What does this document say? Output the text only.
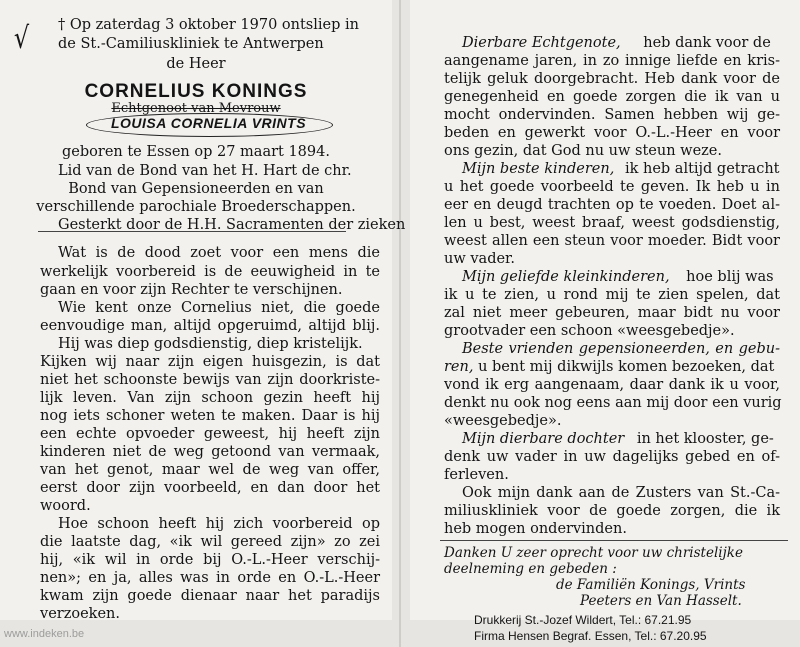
√ † Op zaterdag 3 oktober 1970 ontsliep in
de St.-Camiliuskliniek te Antwerpen
de Heer
CORNELIUS KONINGS
Echtgenoot van Mevrouw
LOUISA CORNELIA VRINTS
geboren te Essen op 27 maart 1894.
Lid van de Bond van het H. Hart de chr.
Bond van Gepensioneerden en van
verschillende parochiale Broederschappen.
Gesterkt door de H.H. Sacramenten der zieken
Wat is de dood zoet voor een mens die
werkelijk voorbereid is de eeuwigheid in te
gaan en voor zijn Rechter te verschijnen.
Wie kent onze Cornelius niet, die goede
eenvoudige man, altijd opgeruimd, altijd blij.
Hij was diep godsdienstig, diep kristelijk.
Kijken wij naar zijn eigen huisgezin, is dat
niet het schoonste bewijs van zijn doorkriste-
lijk leven. Van zijn schoon gezin heeft hij
nog iets schoner weten te maken. Daar is hij
een echte opvoeder geweest, hij heeft zijn
kinderen niet de weg getoond van vermaak,
van het genot, maar wel de weg van offer,
eerst door zijn voorbeeld, en dan door het
woord.
Hoe schoon heeft hij zich voorbereid op
die laatste dag, «ik wil gereed zijn» zo zei
hij, «ik wil in orde bij O.-L.-Heer verschij-
nen»; en ja, alles was in orde en O.-L.-Heer
kwam zijn goede dienaar naar het paradijs
verzoeken.
Dierbare Echtgenote, heb dank voor de
aangename jaren, in zo innige liefde en kris-
telijk geluk doorgebracht. Heb dank voor de
genegenheid en goede zorgen die ik van u
mocht ondervinden. Samen hebben wij ge-
beden en gewerkt voor O.-L.-Heer en voor
ons gezin, dat God nu uw steun weze.
Mijn beste kinderen, ik heb altijd getracht
u het goede voorbeeld te geven. Ik heb u in
eer en deugd trachten op te voeden. Doet al-
len u best, weest braaf, weest godsdienstig,
weest allen een steun voor moeder. Bidt voor
uw vader.
Mijn geliefde kleinkinderen, hoe blij was
ik u te zien, u rond mij te zien spelen, dat
zal niet meer gebeuren, maar bidt nu voor
grootvader een schoon «weesgebedje».
Beste vrienden gepensioneerden, en gebu-
ren, u bent mij dikwijls komen bezoeken, dat
vond ik erg aangenaam, daar dank ik u voor,
denkt nu ook nog eens aan mij door een vurig
«weesgebedje».
Mijn dierbare dochter in het klooster, ge-
denk uw vader in uw dagelijks gebed en of-
ferleven.
Ook mijn dank aan de Zusters van St.-Ca-
miliuskliniek voor de goede zorgen, die ik
heb mogen ondervinden.
Danken U zeer oprecht voor uw christelijke
deelneming en gebeden :
de Familiën Konings, Vrints
Peeters en Van Hasselt.
Drukkerij St.-Jozef Wildert, Tel.: 67.21.95
Firma Hensen Begraf. Essen, Tel.: 67.20.95
www.indeken.be
